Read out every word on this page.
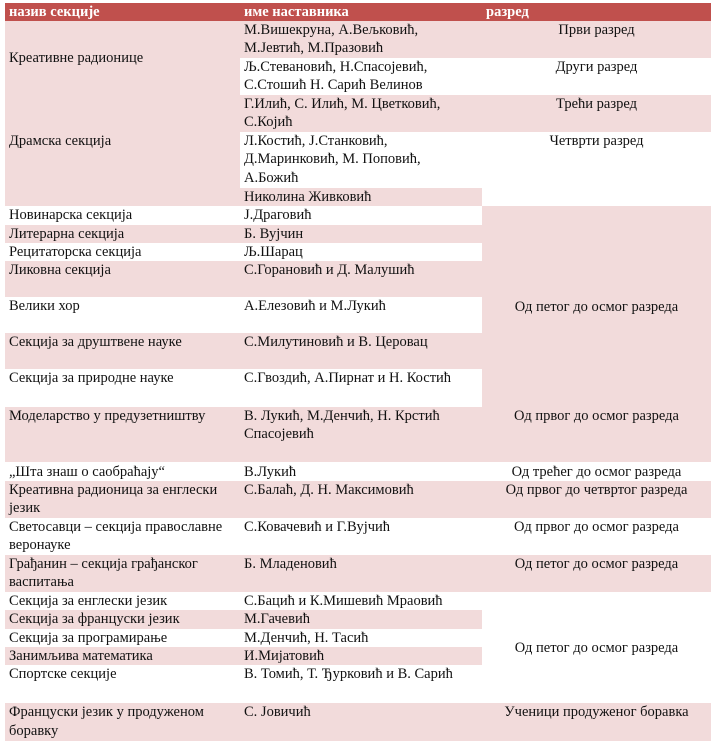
назив секције	име наставника	разред
Креативне радионице	М.Вишекруна, А.Вељковић, М.Јевтић, М.Празовић	Први разред
	Љ.Стевановић, Н.Спасојевић, С.Стошић Н. Сарић Велинов	Други разред
Драмска секција	Г.Илић, С. Илић, М. Цветковић, С.Којић	Трећи разред
	Л.Костић, Ј.Станковић, Д.Маринковић, М. Поповић, А.Божић	Четврти разред
	Николина Живковић	
Новинарска секција	Ј.Драговић	Од петог до осмог разреда
Литерарна секција	Б. Вујчин	
Рецитаторска секција	Љ.Шарац	
Ликовна секција	С.Горановић и Д. Малушић	
Велики хор	А.Елезовић и М.Лукић	
Секција за друштвене науке	С.Милутиновић и В. Церовац	
Секција за природне науке	С.Гвоздић, А.Пирнат и Н. Костић	

Моделарство у предузетништву	В. Лукић, М.Денчић, Н. Крстић Спасојевић	Од првог до осмог разреда
„Шта знаш о саобраћају“	В.Лукић	Од трећег до осмог разреда
Креативна радионица за енглески језик	С.Балаћ, Д. Н. Максимовић	Од првог до четвртог разреда
Светосавци – секција православне веронауке	С.Ковачевић и Г.Вујчић	Од првог до осмог разреда
Грађанин – секција грађанског васпитања	Б. Младеновић	Од петог до осмог разреда
Секција за енглески језик	С.Бацић и К.Мишевић Мраовић	Од петог до осмог разреда
Секција за француски језик	М.Гачевић	
Секција за програмирање	М.Денчић, Н. Тасић	
Занимљива математика	И.Мијатовић	
Спортске секције	В. Томић, Т. Ђурковић и В. Сарић	

Француски језик у продуженом боравку	С. Јовичић	Ученици продуженог боравка
